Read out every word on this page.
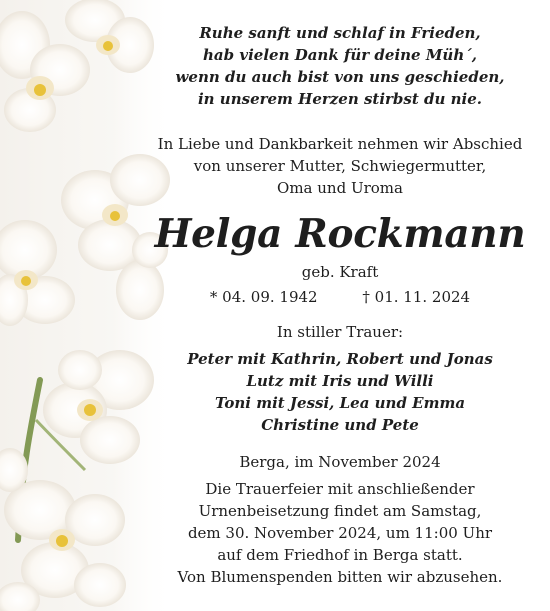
Ruhe sanft und schlaf in Frieden,
hab vielen Dank für deine Müh´,
wenn du auch bist von uns geschieden,
in unserem Herzen stirbst du nie.
In Liebe und Dankbarkeit nehmen wir Abschied
von unserer Mutter, Schwiegermutter,
Oma und Uroma
Helga Rockmann
geb. Kraft
* 04. 09. 1942	† 01. 11. 2024
In stiller Trauer:
Peter mit Kathrin, Robert und Jonas
Lutz mit Iris und Willi
Toni mit Jessi, Lea und Emma
Christine und Pete
Berga, im November 2024
Die Trauerfeier mit anschließender
Urnenbeisetzung findet am Samstag,
dem 30. November 2024, um 11:00 Uhr
auf dem Friedhof in Berga statt.
Von Blumenspenden bitten wir abzusehen.
